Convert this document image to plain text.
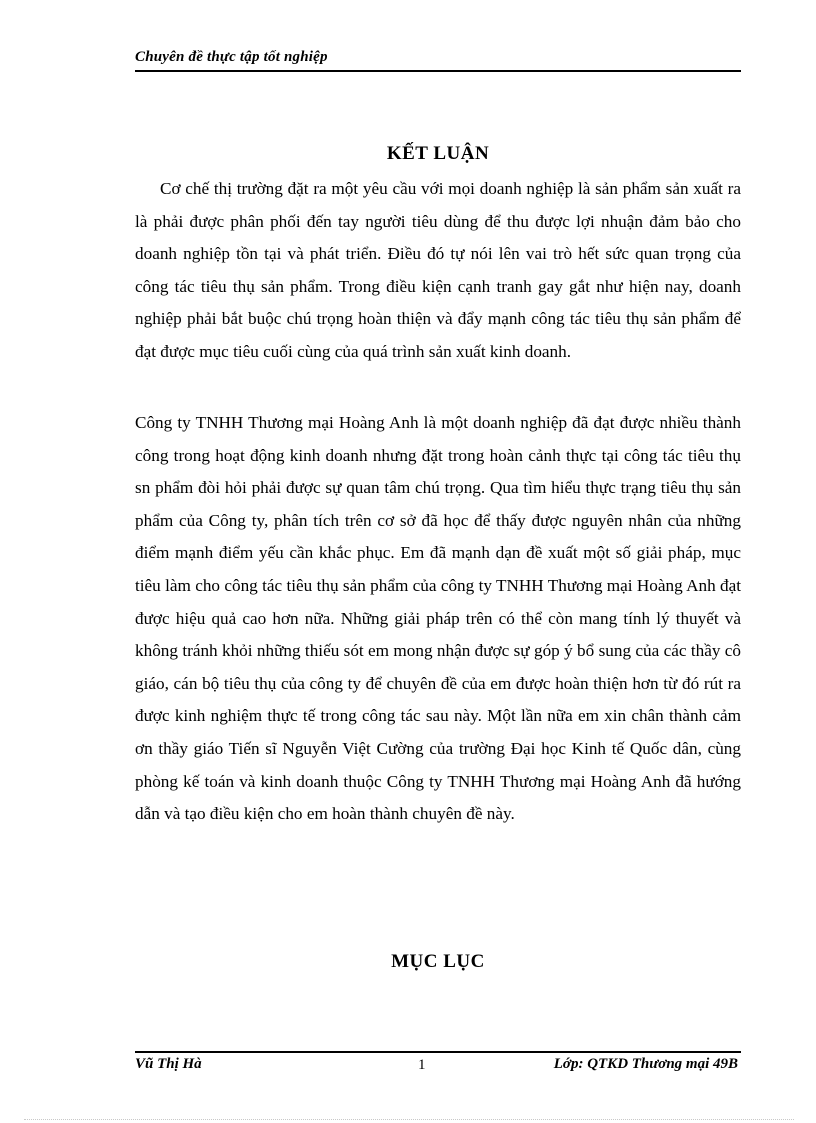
Chuyên đề thực tập tốt nghiệp
KẾT LUẬN

Cơ chế thị trường đặt ra một yêu cầu với mọi doanh nghiệp là sản phẩm sản xuất ra là phải được phân phối đến tay người tiêu dùng để thu được lợi nhuận đảm bảo cho doanh nghiệp tồn tại và phát triển. Điều đó tự nói lên vai trò hết sức quan trọng của công tác tiêu thụ sản phẩm. Trong điều kiện cạnh tranh gay gắt như hiện nay, doanh nghiệp phải bắt buộc chú trọng hoàn thiện và đẩy mạnh công tác tiêu thụ sản phẩm để đạt được mục tiêu cuối cùng của quá trình sản xuất kinh doanh.

Công ty TNHH Thương mại Hoàng Anh là một doanh nghiệp đã đạt được nhiều thành công trong hoạt động kinh doanh nhưng đặt trong hoàn cảnh thực tại công tác tiêu thụ sn phẩm đòi hỏi phải được sự quan tâm chú trọng. Qua tìm hiểu thực trạng tiêu thụ sản phẩm của Công ty, phân tích trên cơ sở đã học để thấy được nguyên nhân của những điểm mạnh điểm yếu cần khắc phục. Em đã mạnh dạn đề xuất một số giải pháp, mục tiêu làm cho công tác tiêu thụ sản phẩm của công ty TNHH Thương mại Hoàng Anh đạt được hiệu quả cao hơn nữa. Những giải pháp trên có thể còn mang tính lý thuyết và không tránh khỏi những thiếu sót em mong nhận được sự góp ý bổ sung của các thầy cô giáo, cán bộ tiêu thụ của công ty để chuyên đề của em được hoàn thiện hơn từ đó rút ra được kinh nghiệm thực tế trong công tác sau này. Một lần nữa em xin chân thành cảm ơn thầy giáo Tiến sĩ Nguyễn Việt Cường của trường Đại học Kinh tế Quốc dân, cùng phòng kế toán và kinh doanh thuộc Công ty TNHH Thương mại Hoàng Anh đã hướng dẫn và tạo điều kiện cho em hoàn thành chuyên đề này.

MỤC LỤC
Vũ Thị Hà	1	Lớp: QTKD Thương mại 49B
